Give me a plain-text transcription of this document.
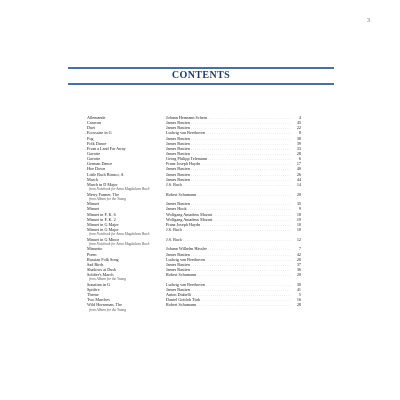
3
CONTENTS
Allemande	Johann Hermann Schein . . .	4
Caravan	James Bastien . . .	45
Duet	James Bastien . . .	22
Ecossaise in G	Ludwig van Beethoven . . .	8
Fog	James Bastien . . .	38
Folk Dance	James Bastien . . .	39
From a Land Far Away	James Bastien . . .	33
Gavotte	James Bastien . . .	28
Gavotte	Georg Philipp Telemann . . .	6
German Dance	Franz Joseph Haydn . . .	17
Hoe Down	James Bastien . . .	40
Little Bach Bianco, A	James Bastien . . .	26
March	James Bastien . . .	44
March in D Major	J.S. Bach . . .	14
from Notebook for Anna Magdalena Bach
Merry Farmer, The	Robert Schumann . . .	20
from Album for the Young
Minuet	James Bastien . . .	35
Minuet	James Hook . . .	9
Minuet in F, K. 6	Wolfgang Amadeus Mozart . . .	18
Minuet in F, K. 2	Wolfgang Amadeus Mozart . . .	19
Minuet in G Major	Franz Joseph Haydn . . .	10
Minuet in G Major	J.S. Bach . . .	10
from Notebook for Anna Magdalena Bach
Minuet in G Minor	J.S. Bach . . .	12
from Notebook for Anna Magdalena Bach
Minuetto	Johann Wilhelm Hässler . . .	7
Poem	James Bastien . . .	42
Russian Folk Song	Ludwig van Beethoven . . .	20
Sad Birds	James Bastien . . .	37
Shadows at Dusk	James Bastien . . .	36
Soldier's March	Robert Schumann . . .	20
from Album for the Young
Sonatina in G	Ludwig van Beethoven . . .	30
Spitfire	James Bastien . . .	41
Theme	Anton Diabelli . . .	5
Two Marches	Daniel Gottlob Türk . . .	16
Wild Horseman, The	Robert Schumann . . .	28
from Album for the Young
